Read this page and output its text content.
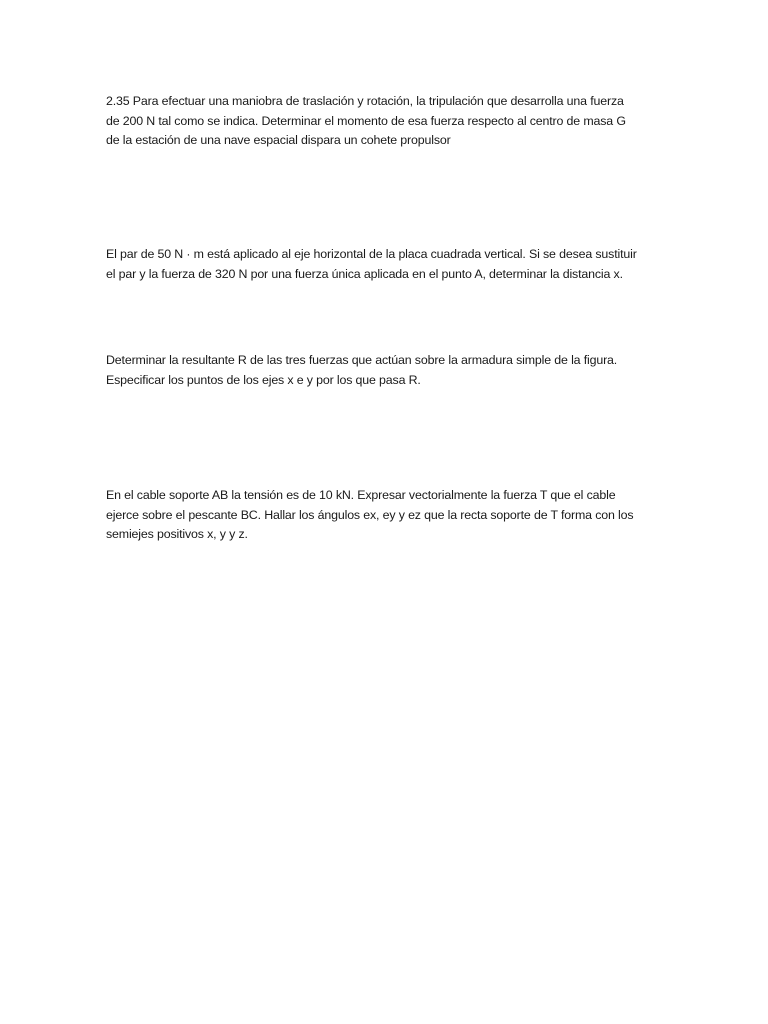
2.35 Para efectuar una maniobra de traslación y rotación, la tripulación que desarrolla una fuerza
de 200 N tal como se indica. Determinar el momento de esa fuerza respecto al centro de masa G
de la estación de una nave espacial dispara un cohete propulsor

El par de 50 N · m está aplicado al eje horizontal de la placa cuadrada vertical. Si se desea sustituir
el par y la fuerza de 320 N por una fuerza única aplicada en el punto A, determinar la distancia x.

Determinar la resultante R de las tres fuerzas que actúan sobre la armadura simple de la figura.
Especificar los puntos de los ejes x e y por los que pasa R.

En el cable soporte AB la tensión es de 10 kN. Expresar vectorialmente la fuerza T que el cable
ejerce sobre el pescante BC. Hallar los ángulos ex, ey y ez que la recta soporte de T forma con los
semiejes positivos x, y y z.
